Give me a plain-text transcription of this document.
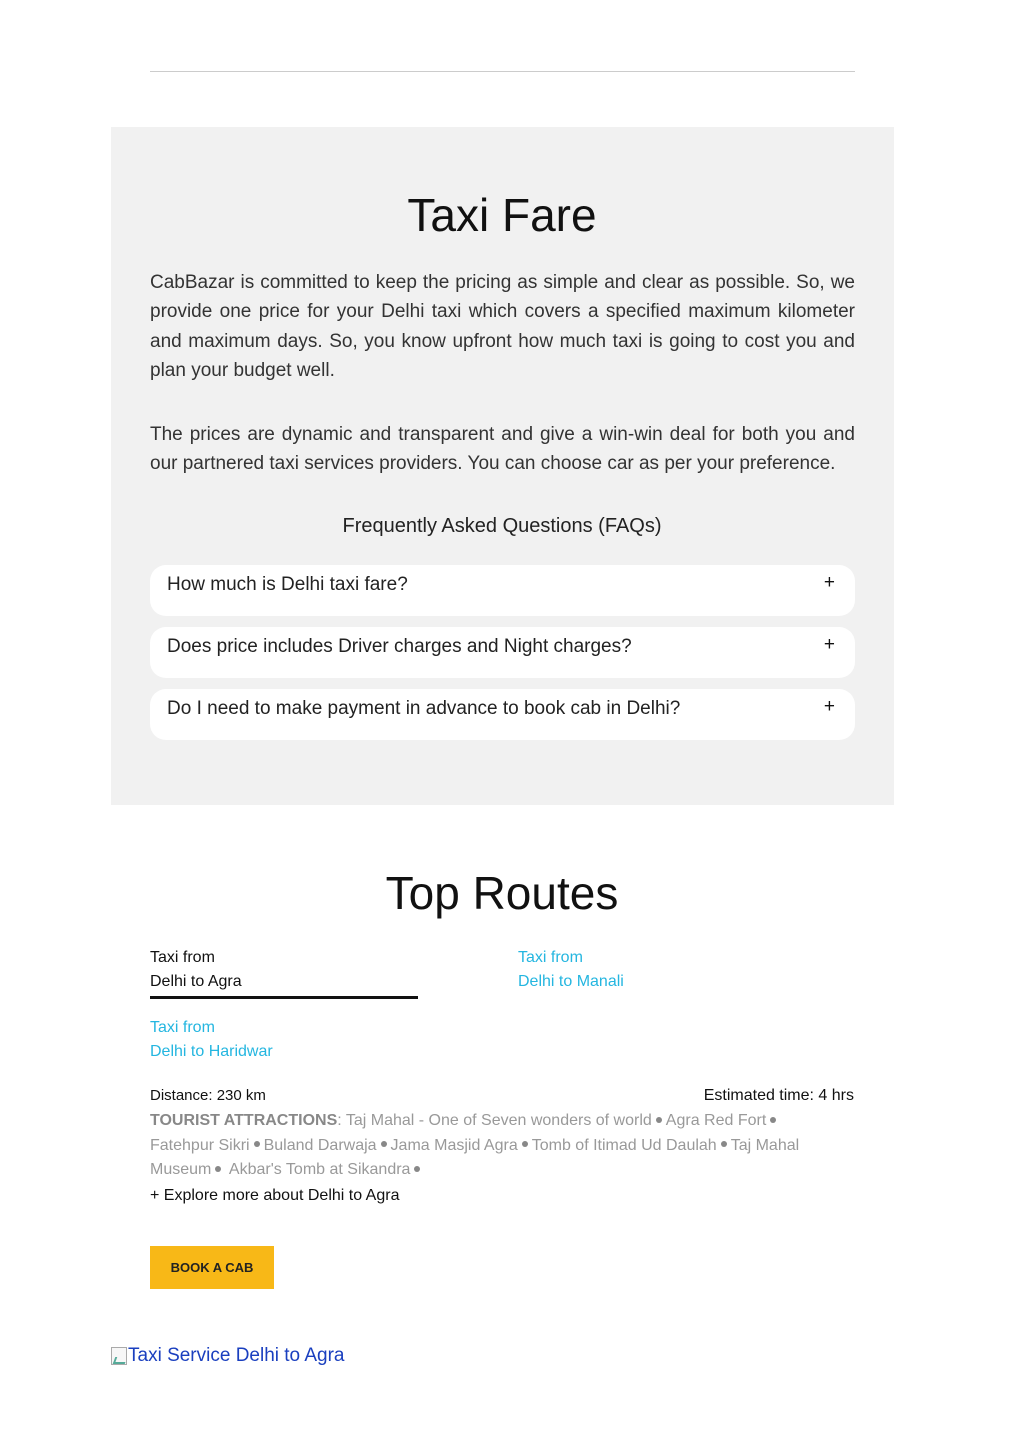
Taxi Fare

CabBazar is committed to keep the pricing as simple and clear as possible. So, we provide one price for your Delhi taxi which covers a specified maximum kilometer and maximum days. So, you know upfront how much taxi is going to cost you and plan your budget well.

The prices are dynamic and transparent and give a win-win deal for both you and our partnered taxi services providers. You can choose car as per your preference.

Frequently Asked Questions (FAQs)
How much is Delhi taxi fare?	+
Does price includes Driver charges and Night charges?	+
Do I need to make payment in advance to book cab in Delhi?	+
Top Routes
Taxi from
Delhi to Agra
Taxi from
Delhi to Manali
Taxi from
Delhi to Haridwar
Distance: 230 km	Estimated time: 4 hrs
TOURIST ATTRACTIONS: Taj Mahal - One of Seven wonders of world Agra Red FortFatehpur Sikri Buland Darwaja Jama Masjid Agra Tomb of Itimad Ud Daulah Taj Mahal Museum Akbar's Tomb at Sikandra
+ Explore more about Delhi to Agra
BOOK A CAB
Taxi Service Delhi to Agra
